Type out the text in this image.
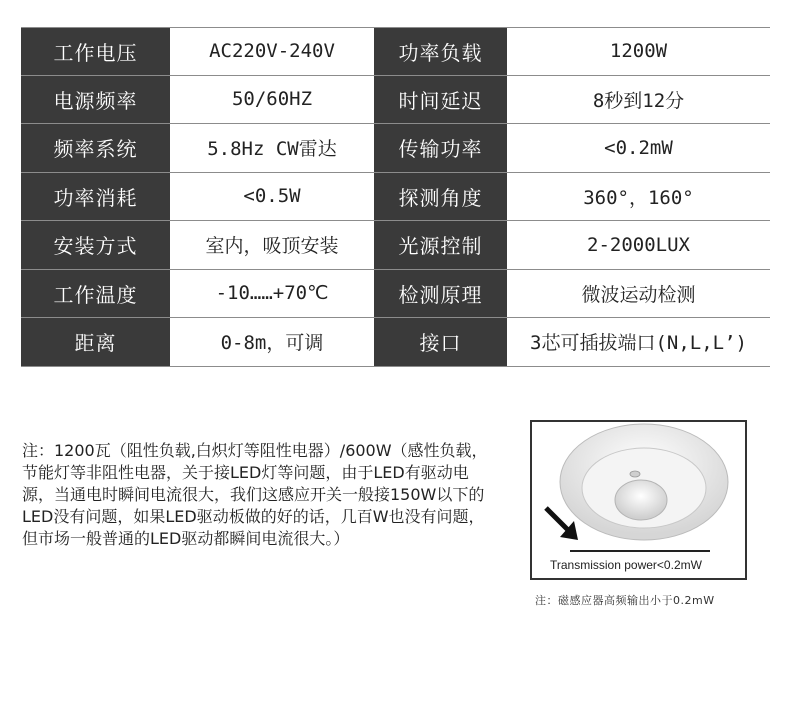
工作电压	AC220V-240V	功率负载	1200W
电源频率	50/60HZ	时间延迟	8秒到12分
频率系统	5.8Hz CW雷达	传输功率	<0.2mW
功率消耗	<0.5W	探测角度	360°，160°
安装方式	室内，吸顶安装	光源控制	2-2000LUX
工作温度	-10……+70℃	检测原理	微波运动检测
距离	0-8m，可调	接口	3芯可插拔端口(N,L,L’)

注：1200瓦（阻性负载,白炽灯等阻性电器）/600W（感性负载，节能灯等非阻性电器，关于接LED灯等问题，由于LED有驱动电源，当通电时瞬间电流很大，我们这感应开关一般接150W以下的LED没有问题，如果LED驱动板做的好的话，几百W也没有问题，但市场一般普通的LED驱动都瞬间电流很大。）

Transmission power<0.2mW
注：磁感应器高频输出小于0.2mW
